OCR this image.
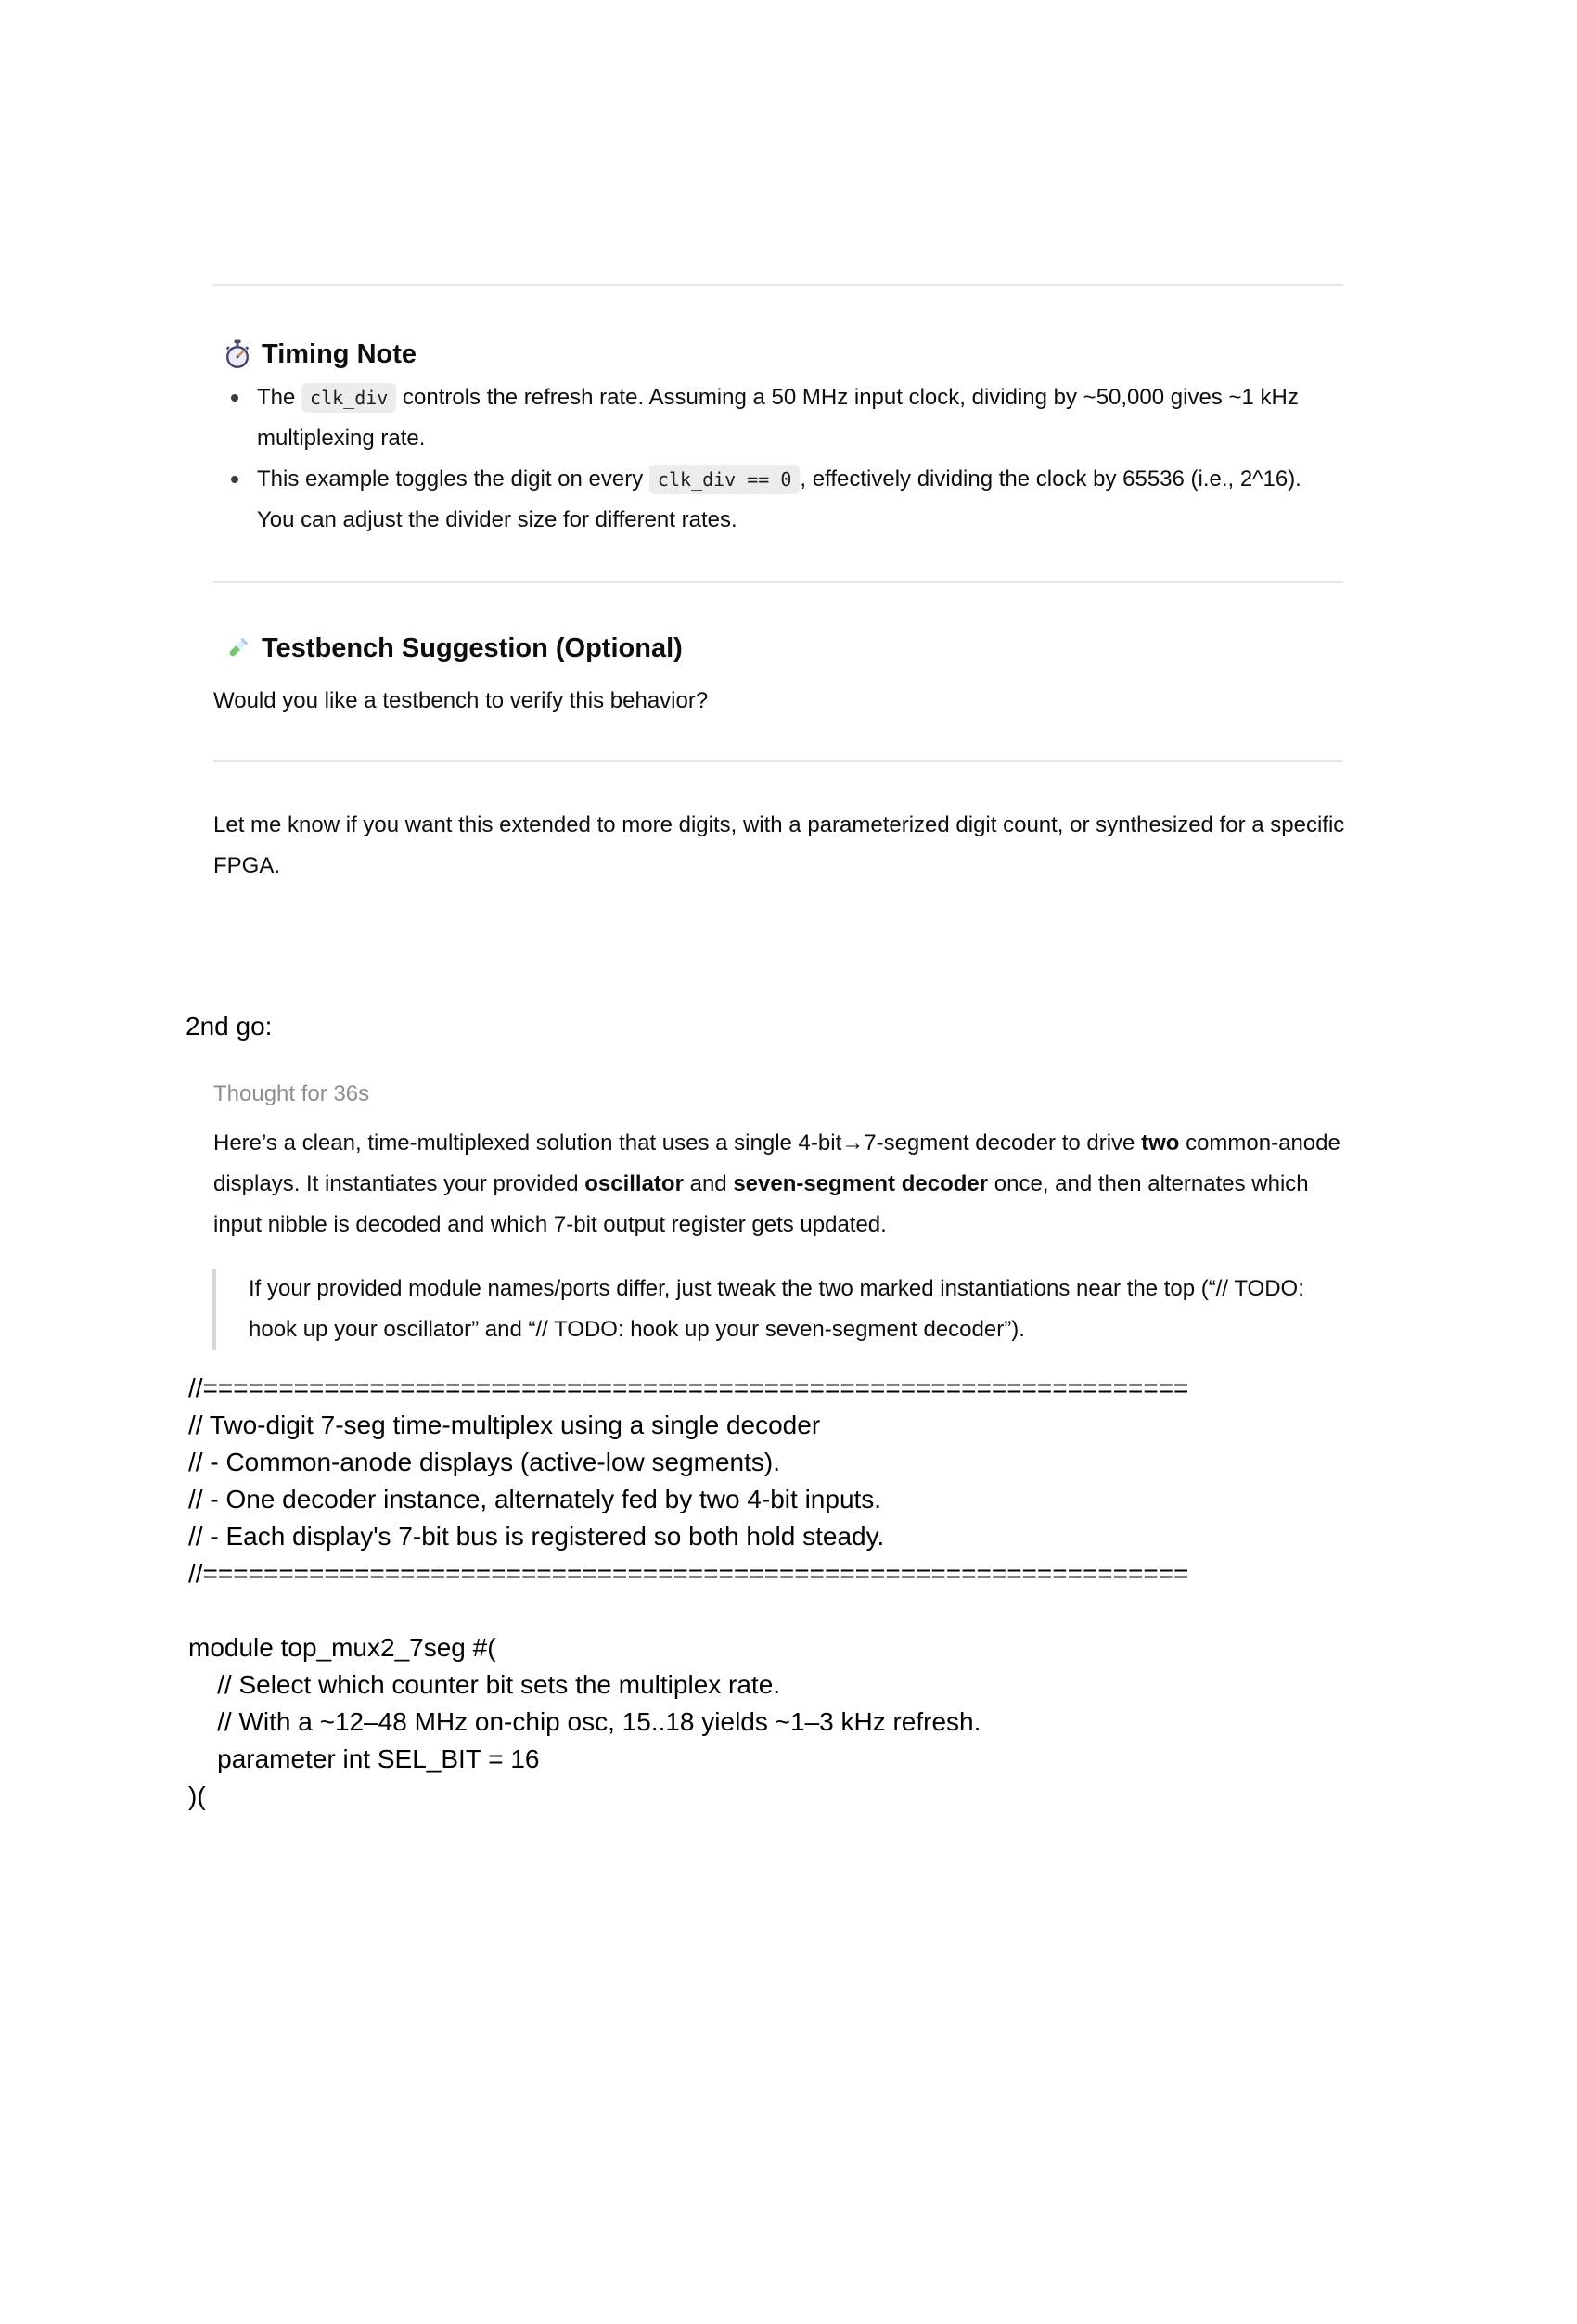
Timing Note
The clk_div controls the refresh rate. Assuming a 50 MHz input clock, dividing by ~50,000 gives ~1 kHz multiplexing rate.
This example toggles the digit on every clk_div == 0 , effectively dividing the clock by 65536 (i.e., 2^16). You can adjust the divider size for different rates.
Testbench Suggestion (Optional)

Would you like a testbench to verify this behavior?

Let me know if you want this extended to more digits, with a parameterized digit count, or synthesized for a specific FPGA.

2nd go:
Thought for 36s

Here’s a clean, time-multiplexed solution that uses a single 4-bit→7-segment decoder to drive two common-anode displays. It instantiates your provided oscillator and seven-segment decoder once, and then alternates which input nibble is decoded and which 7-bit output register gets updated.

If your provided module names/ports differ, just tweak the two marked instantiations near the top (“// TODO: hook up your oscillator” and “// TODO: hook up your seven-segment decoder”).
//=================================================================
// Two-digit 7-seg time-multiplex using a single decoder
// - Common-anode displays (active-low segments).
// - One decoder instance, alternately fed by two 4-bit inputs.
// - Each display's 7-bit bus is registered so both hold steady.
//=================================================================
module top_mux2_7seg #(
// Select which counter bit sets the multiplex rate.
// With a ~12–48 MHz on-chip osc, 15..18 yields ~1–3 kHz refresh.
parameter int SEL_BIT = 16
)(
